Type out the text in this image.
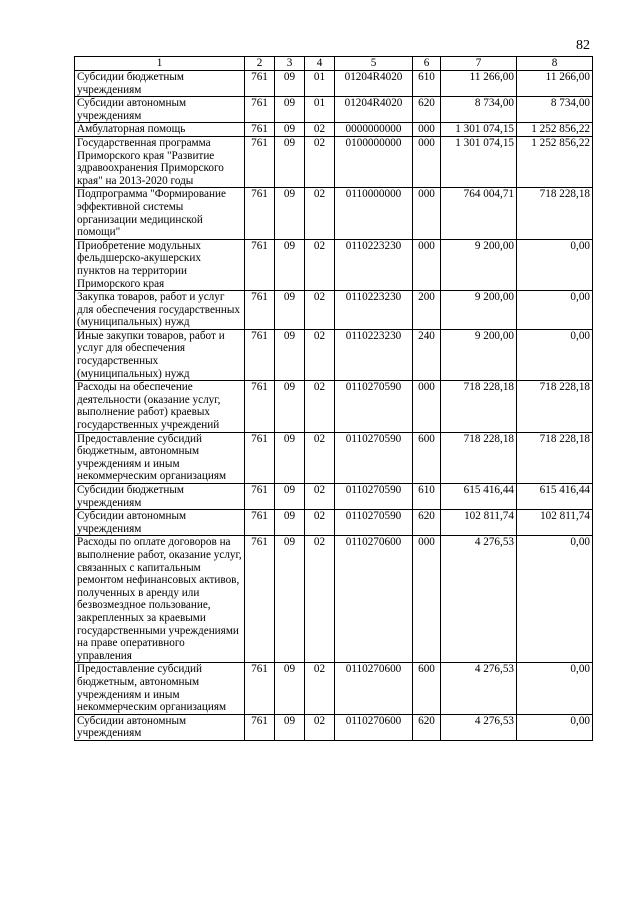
82
1	2	3	4	5	6	7	8
Субсидии бюджетным учреждениям	761	09	01	01204R4020	610	11 266,00	11 266,00
Субсидии автономным учреждениям	761	09	01	01204R4020	620	8 734,00	8 734,00
Амбулаторная помощь	761	09	02	0000000000	000	1 301 074,15	1 252 856,22
Государственная программа Приморского края "Развитие здравоохранения Приморского края" на 2013-2020 годы	761	09	02	0100000000	000	1 301 074,15	1 252 856,22
Подпрограмма "Формирование эффективной системы организации медицинской помощи"	761	09	02	0110000000	000	764 004,71	718 228,18
Приобретение модульных фельдшерско-акушерских пунктов на территории Приморского края	761	09	02	0110223230	000	9 200,00	0,00
Закупка товаров, работ и услуг для обеспечения государственных (муниципальных) нужд	761	09	02	0110223230	200	9 200,00	0,00
Иные закупки товаров, работ и услуг для обеспечения государственных (муниципальных) нужд	761	09	02	0110223230	240	9 200,00	0,00
Расходы на обеспечение деятельности (оказание услуг, выполнение работ) краевых государственных учреждений	761	09	02	0110270590	000	718 228,18	718 228,18
Предоставление субсидий бюджетным, автономным учреждениям и иным некоммерческим организациям	761	09	02	0110270590	600	718 228,18	718 228,18
Субсидии бюджетным учреждениям	761	09	02	0110270590	610	615 416,44	615 416,44
Субсидии автономным учреждениям	761	09	02	0110270590	620	102 811,74	102 811,74
Расходы по оплате договоров на выполнение работ, оказание услуг, связанных с капитальным ремонтом нефинансовых активов, полученных в аренду или безвозмездное пользование, закрепленных за краевыми государственными учреждениями на праве оперативного управления	761	09	02	0110270600	000	4 276,53	0,00
Предоставление субсидий бюджетным, автономным учреждениям и иным некоммерческим организациям	761	09	02	0110270600	600	4 276,53	0,00
Субсидии автономным учреждениям	761	09	02	0110270600	620	4 276,53	0,00
